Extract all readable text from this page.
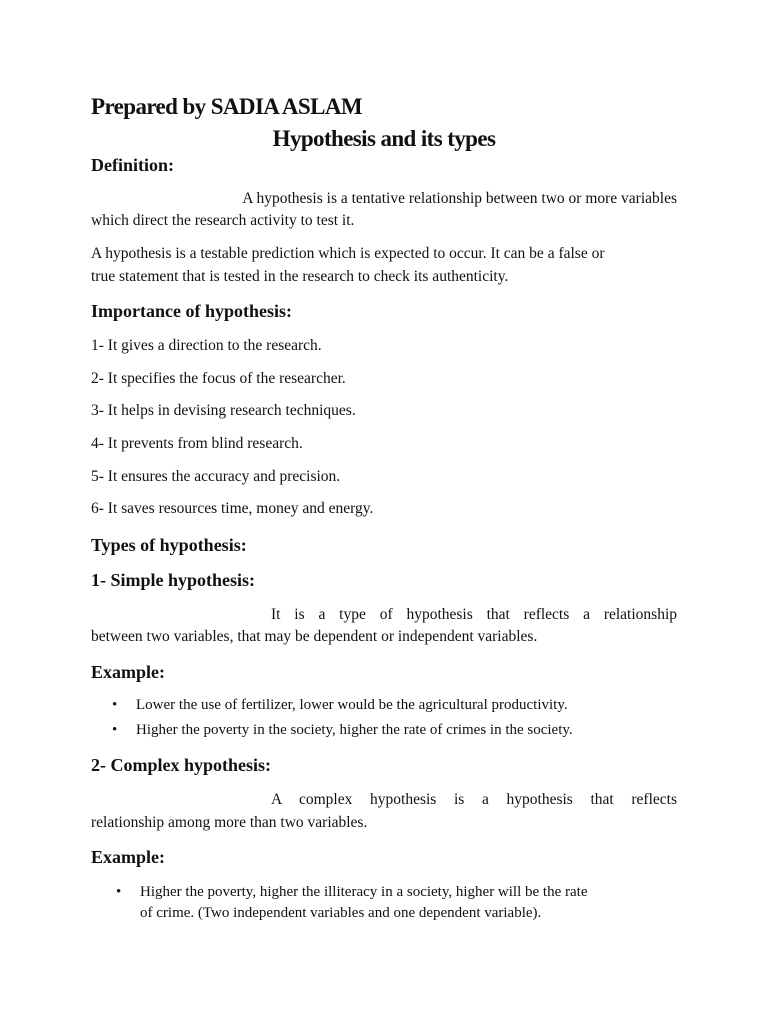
Prepared by SADIA ASLAM
Hypothesis and its types
Definition:
A hypothesis is a tentative relationship between two or more variables
which direct the research activity to test it.
A hypothesis is a testable prediction which is expected to occur. It can be a false or
true statement that is tested in the research to check its authenticity.
Importance of hypothesis:
1- It gives a direction to the research.
2- It specifies the focus of the researcher.
3- It helps in devising research techniques.
4- It prevents from blind research.
5- It ensures the accuracy and precision.
6- It saves resources time, money and energy.
Types of hypothesis:
1- Simple hypothesis:
It is a type of hypothesis that reflects a relationship
between two variables, that may be dependent or independent variables.
Example:
• Lower the use of fertilizer, lower would be the agricultural productivity.
• Higher the poverty in the society, higher the rate of crimes in the society.
2- Complex hypothesis:
A complex hypothesis is a hypothesis that reflects
relationship among more than two variables.
Example:
• Higher the poverty, higher the illiteracy in a society, higher will be the rate
of crime. (Two independent variables and one dependent variable).
